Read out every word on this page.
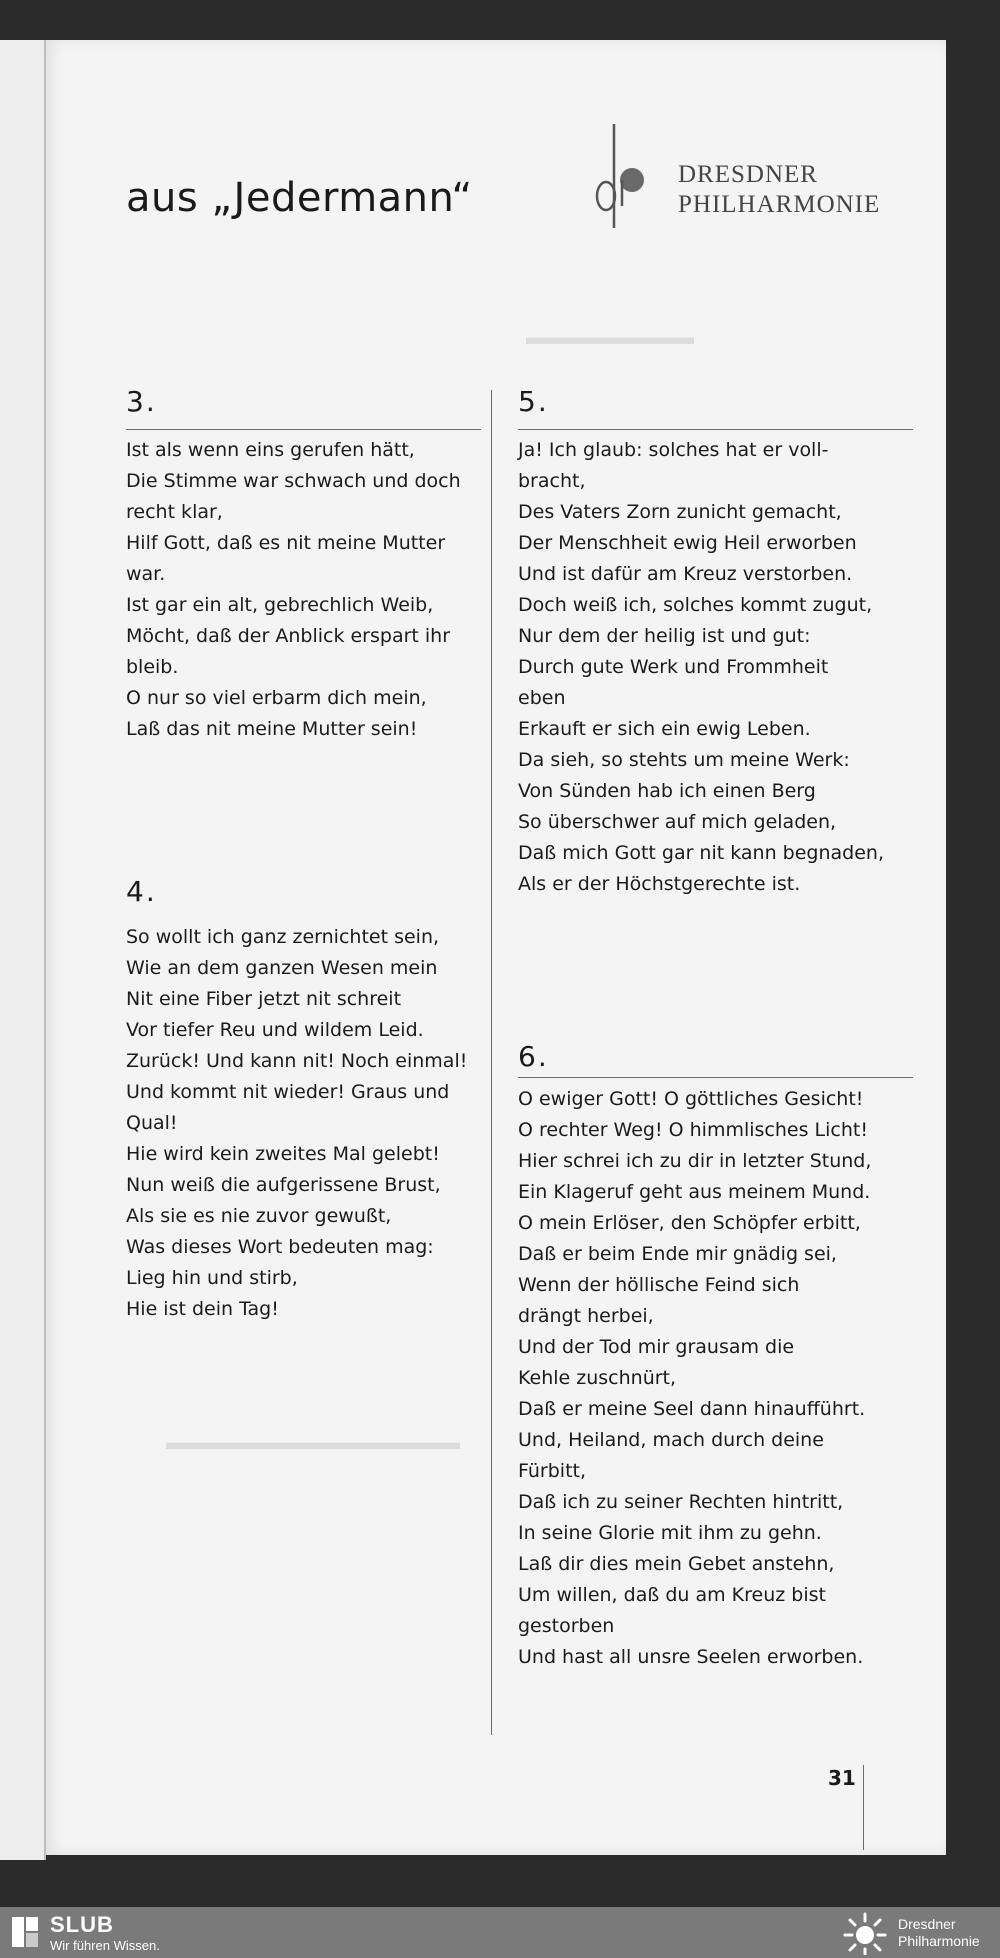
▬▬▬▬▬▬▬▬
▬▬▬▬▬▬▬▬▬▬▬▬▬▬
aus „Jedermann“
DRESDNER
PHILHARMONIE
3.
Ist als wenn eins gerufen hätt,
Die Stimme war schwach und doch
recht klar,
Hilf Gott, daß es nit meine Mutter
war.
Ist gar ein alt, gebrechlich Weib,
Möcht, daß der Anblick erspart ihr
bleib.
O nur so viel erbarm dich mein,
Laß das nit meine Mutter sein!
4.
So wollt ich ganz zernichtet sein,
Wie an dem ganzen Wesen mein
Nit eine Fiber jetzt nit schreit
Vor tiefer Reu und wildem Leid.
Zurück! Und kann nit! Noch einmal!
Und kommt nit wieder! Graus und
Qual!
Hie wird kein zweites Mal gelebt!
Nun weiß die aufgerissene Brust,
Als sie es nie zuvor gewußt,
Was dieses Wort bedeuten mag:
Lieg hin und stirb,
Hie ist dein Tag!
5.
Ja! Ich glaub: solches hat er voll-
bracht,
Des Vaters Zorn zunicht gemacht,
Der Menschheit ewig Heil erworben
Und ist dafür am Kreuz verstorben.
Doch weiß ich, solches kommt zugut,
Nur dem der heilig ist und gut:
Durch gute Werk und Frommheit
eben
Erkauft er sich ein ewig Leben.
Da sieh, so stehts um meine Werk:
Von Sünden hab ich einen Berg
So überschwer auf mich geladen,
Daß mich Gott gar nit kann begnaden,
Als er der Höchstgerechte ist.
6.
O ewiger Gott! O göttliches Gesicht!
O rechter Weg! O himmlisches Licht!
Hier schrei ich zu dir in letzter Stund,
Ein Klageruf geht aus meinem Mund.
O mein Erlöser, den Schöpfer erbitt,
Daß er beim Ende mir gnädig sei,
Wenn der höllische Feind sich
drängt herbei,
Und der Tod mir grausam die
Kehle zuschnürt,
Daß er meine Seel dann hinaufführt.
Und, Heiland, mach durch deine
Fürbitt,
Daß ich zu seiner Rechten hintritt,
In seine Glorie mit ihm zu gehn.
Laß dir dies mein Gebet anstehn,
Um willen, daß du am Kreuz bist
gestorben
Und hast all unsre Seelen erworben.
31
SLUB
Wir führen Wissen.
Dresdner
Philharmonie
